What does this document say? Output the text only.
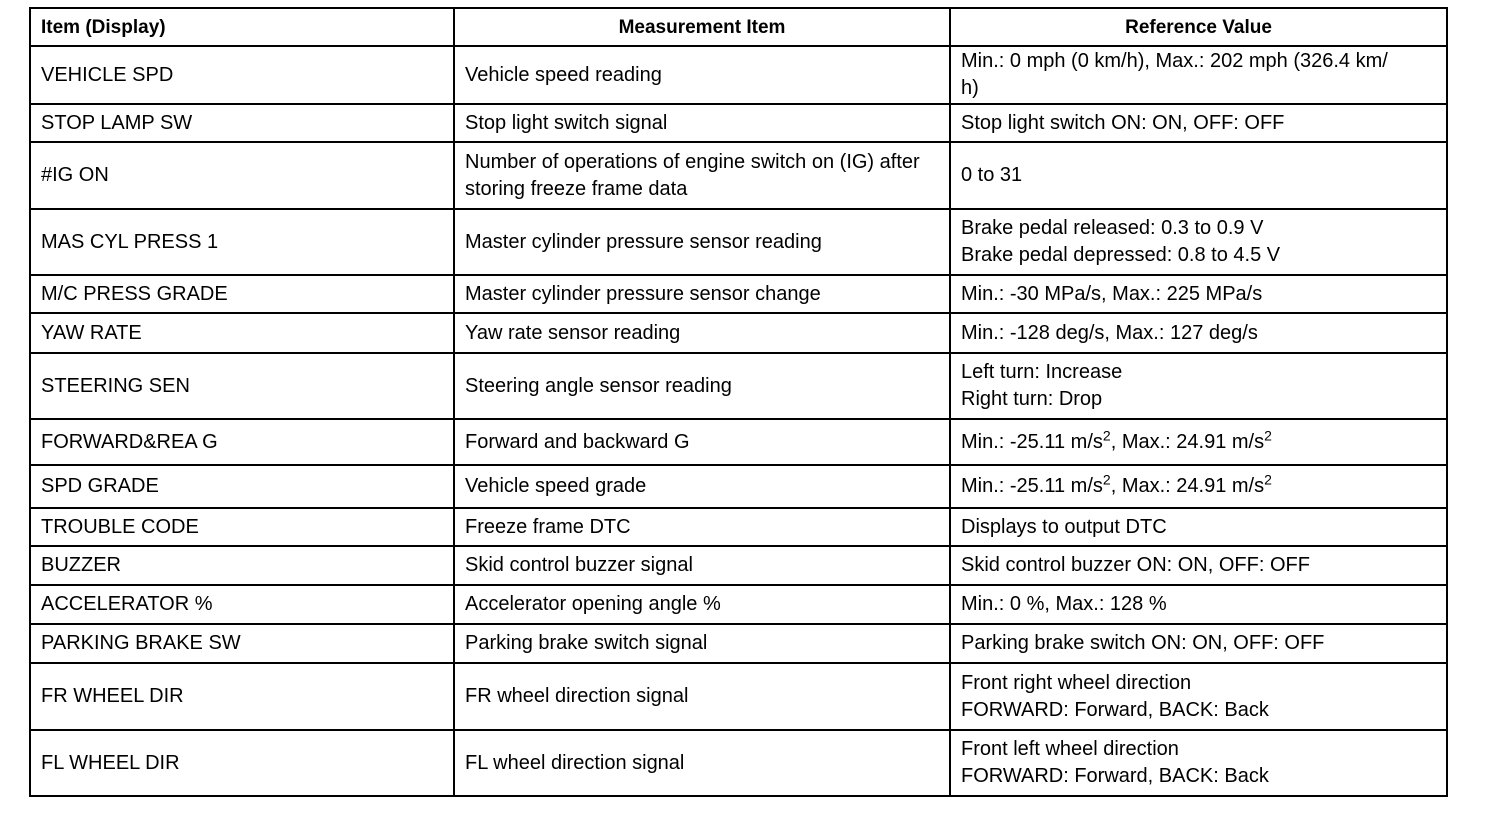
Item (Display)	Measurement Item	Reference Value
VEHICLE SPD	Vehicle speed reading	Min.: 0 mph (0 km/h), Max.: 202 mph (326.4 km/
h)

STOP LAMP SW	Stop light switch signal	Stop light switch ON: ON, OFF: OFF

#IG ON	Number of operations of engine switch on (IG) after storing freeze frame data	0 to 31

MAS CYL PRESS 1	Master cylinder pressure sensor reading	Brake pedal released: 0.3 to 0.9 V
Brake pedal depressed: 0.8 to 4.5 V

M/C PRESS GRADE	Master cylinder pressure sensor change	Min.: -30 MPa/s, Max.: 225 MPa/s

YAW RATE	Yaw rate sensor reading	Min.: -128 deg/s, Max.: 127 deg/s

STEERING SEN	Steering angle sensor reading	Left turn: Increase
Right turn: Drop

FORWARD&REA G	Forward and backward G	Min.: -25.11 $m/s^2$, Max.: 24.91 $m/s^2$
SPD GRADE	Vehicle speed grade	Min.: -25.11 $m/s^2$, Max.: 24.91 $m/s^2$
TROUBLE CODE	Freeze frame DTC	Displays to output DTC

BUZZER	Skid control buzzer signal	Skid control buzzer ON: ON, OFF: OFF

ACCELERATOR %	Accelerator opening angle %	Min.: 0 %, Max.: 128 %

PARKING BRAKE SW	Parking brake switch signal	Parking brake switch ON: ON, OFF: OFF

FR WHEEL DIR	FR wheel direction signal	Front right wheel direction
FORWARD: Forward, BACK: Back

FL WHEEL DIR	FL wheel direction signal	Front left wheel direction
FORWARD: Forward, BACK: Back
